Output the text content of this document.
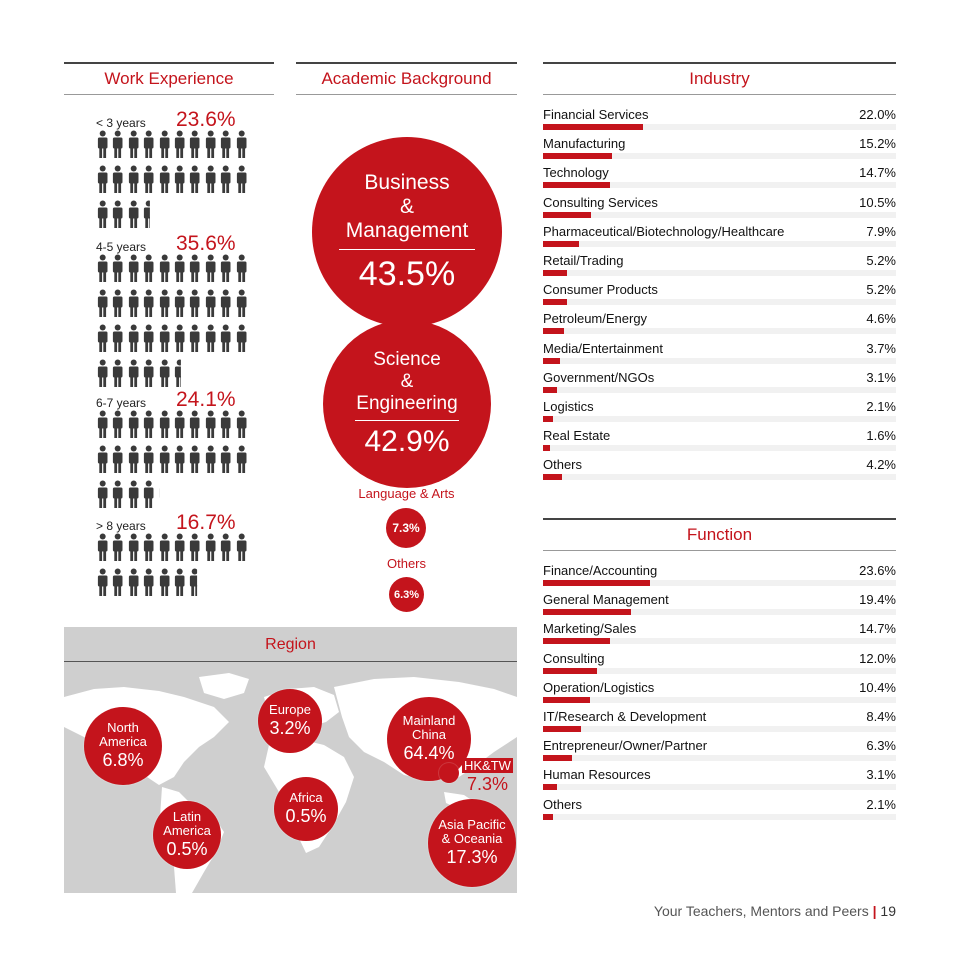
Work Experience
< 3 years 23.6%
4-5 years 35.6%
6-7 years 24.1%
> 8 years 16.7%
Academic Background
Business
&
Management
43.5%
Science
&
Engineering
42.9%
Language & Arts
7.3%
Others
6.3%
Industry
Financial Services	22.0%
Manufacturing	15.2%
Technology	14.7%
Consulting Services	10.5%
Pharmaceutical/Biotechnology/Healthcare	7.9%
Retail/Trading	5.2%
Consumer Products	5.2%
Petroleum/Energy	4.6%
Media/Entertainment	3.7%
Government/NGOs	3.1%
Logistics	2.1%
Real Estate	1.6%
Others	4.2%
Function
Finance/Accounting	23.6%
General Management	19.4%
Marketing/Sales	14.7%
Consulting	12.0%
Operation/Logistics	10.4%
IT/Research & Development	8.4%
Entrepreneur/Owner/Partner	6.3%
Human Resources	3.1%
Others	2.1%
Region
North
America
6.8%
Europe
3.2%	Mainland
China
64.4%
HK&TW
7.3%
Africa
0.5%
Latin
America
0.5%
Asia Pacific
& Oceania
17.3%
Your Teachers, Mentors and Peers | 19
